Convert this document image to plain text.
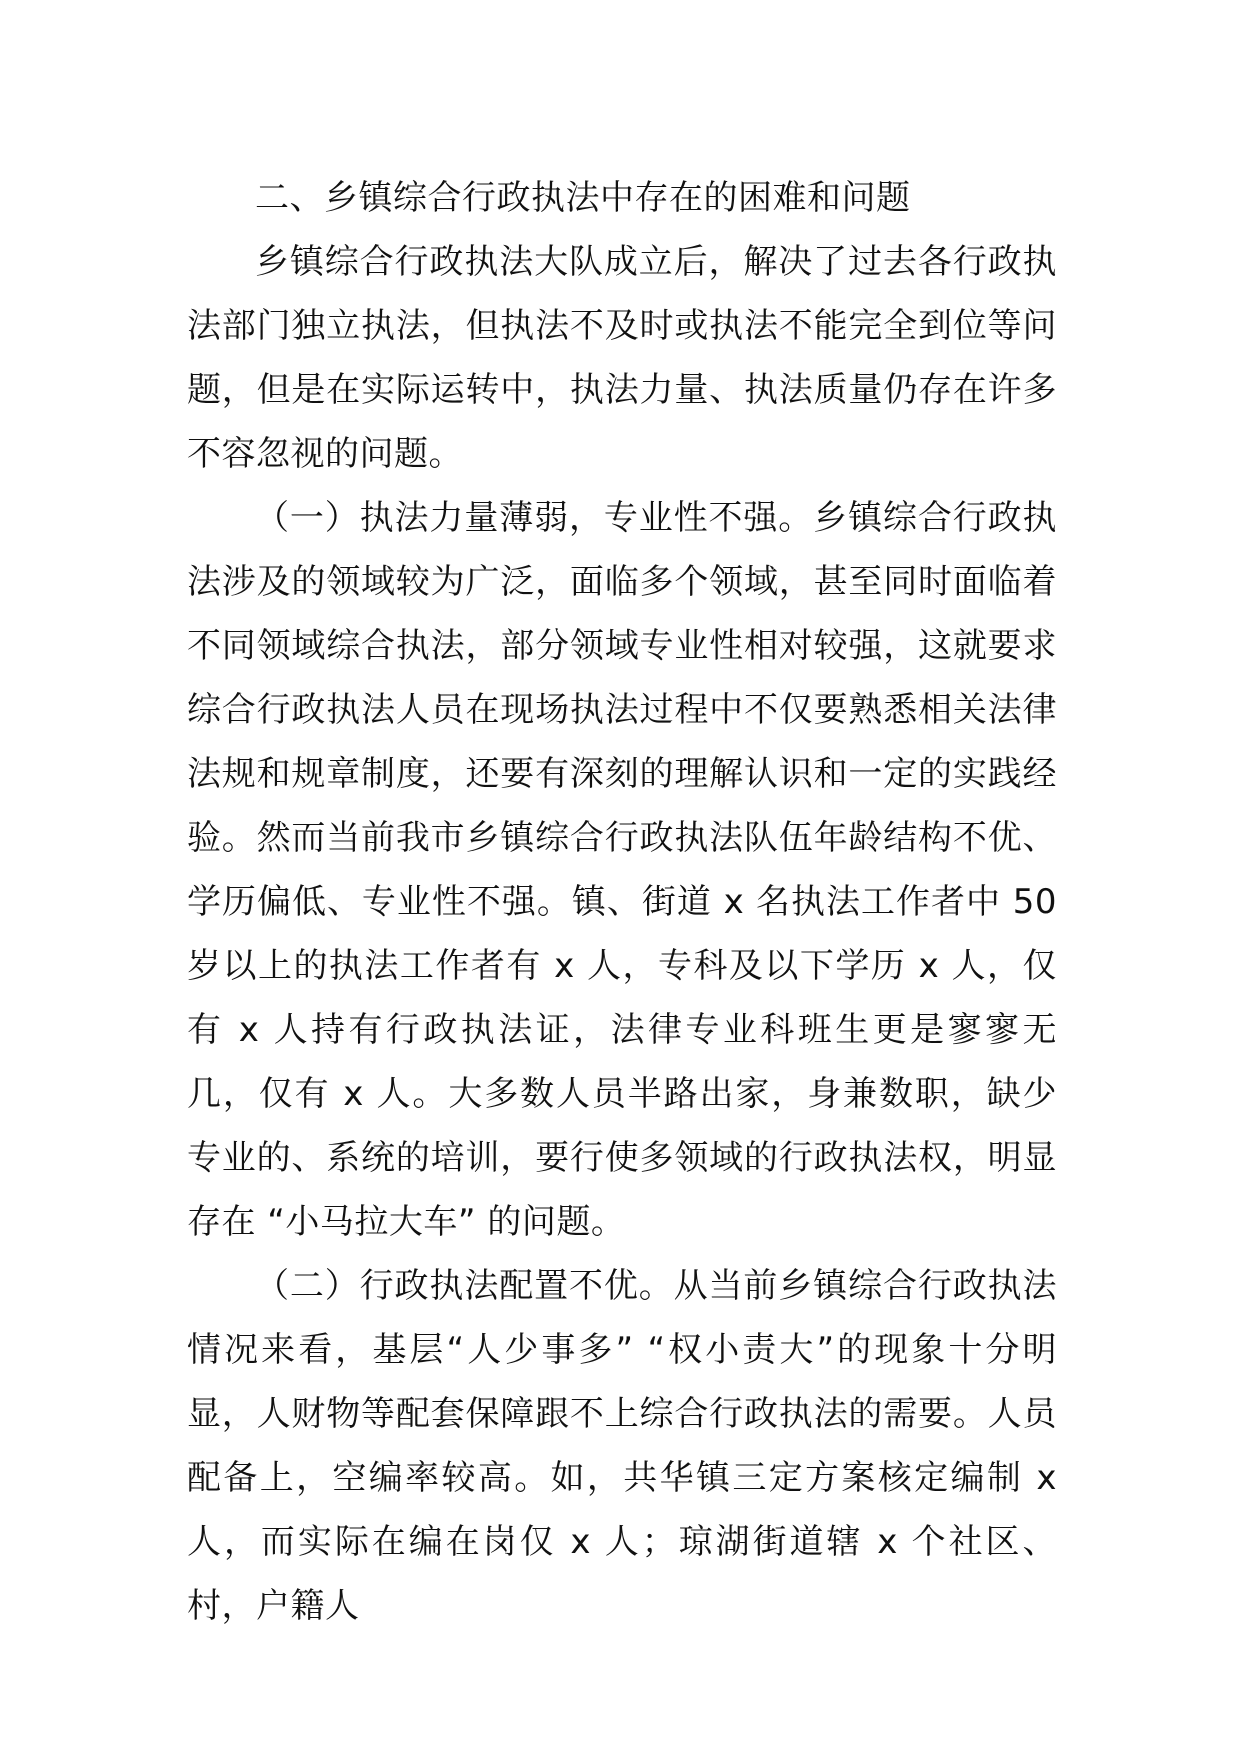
二、乡镇综合行政执法中存在的困难和问题

乡镇综合行政执法大队成立后，解决了过去各行政执法部门独立执法，但执法不及时或执法不能完全到位等问题，但是在实际运转中，执法力量、执法质量仍存在许多不容忽视的问题。

（一）执法力量薄弱，专业性不强。乡镇综合行政执法涉及的领域较为广泛，面临多个领域，甚至同时面临着不同领域综合执法，部分领域专业性相对较强，这就要求综合行政执法人员在现场执法过程中不仅要熟悉相关法律法规和规章制度，还要有深刻的理解认识和一定的实践经验。然而当前我市乡镇综合行政执法队伍年龄结构不优、学历偏低、专业性不强。镇、街道 x 名执法工作者中 50 岁以上的执法工作者有 x 人，专科及以下学历 x 人，仅有 x 人持有行政执法证，法律专业科班生更是寥寥无几，仅有 x 人。大多数人员半路出家，身兼数职，缺少专业的、系统的培训，要行使多领域的行政执法权，明显存在 “小马拉大车” 的问题。

（二）行政执法配置不优。从当前乡镇综合行政执法情况来看，基层“人少事多” “权小责大”的现象十分明显，人财物等配套保障跟不上综合行政执法的需要。人员配备上，空编率较高。如，共华镇三定方案核定编制 x 人，而实际在编在岗仅 x 人；琼湖街道辖 x 个社区、村，户籍人
